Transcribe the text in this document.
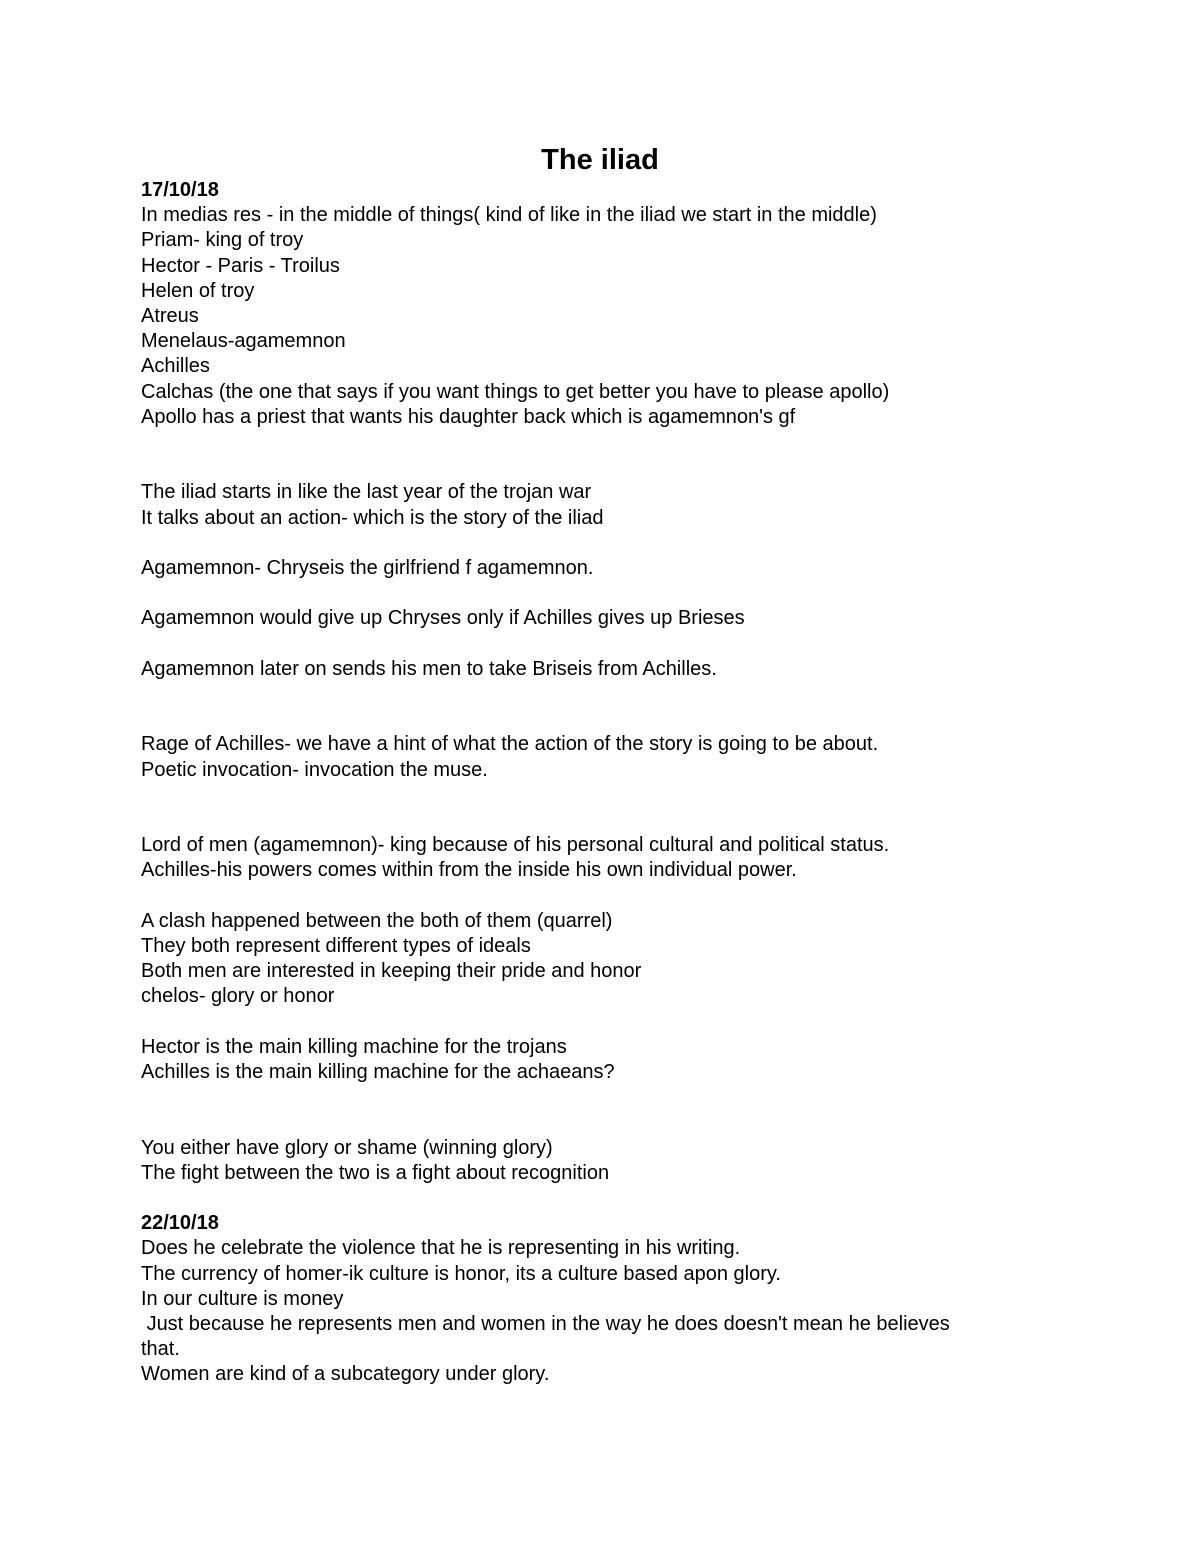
The iliad
17/10/18
In medias res - in the middle of things( kind of like in the iliad we start in the middle)
Priam- king of troy
Hector - Paris - Troilus
Helen of troy
Atreus
Menelaus-agamemnon
Achilles
Calchas (the one that says if you want things to get better you have to please apollo)
Apollo has a priest that wants his daughter back which is agamemnon's gf
The iliad starts in like the last year of the trojan war
It talks about an action- which is the story of the iliad
Agamemnon- Chryseis the girlfriend f agamemnon.
Agamemnon would give up Chryses only if Achilles gives up Brieses
Agamemnon later on sends his men to take Briseis from Achilles.
Rage of Achilles- we have a hint of what the action of the story is going to be about.
Poetic invocation- invocation the muse.
Lord of men (agamemnon)- king because of his personal cultural and political status.
Achilles-his powers comes within from the inside his own individual power.
A clash happened between the both of them (quarrel)
They both represent different types of ideals
Both men are interested in keeping their pride and honor
chelos- glory or honor
Hector is the main killing machine for the trojans
Achilles is the main killing machine for the achaeans?
You either have glory or shame (winning glory)
The fight between the two is a fight about recognition
22/10/18
Does he celebrate the violence that he is representing in his writing.
The currency of homer-ik culture is honor, its a culture based apon glory.
In our culture is money
Just because he represents men and women in the way he does doesn't mean he believes
that.
Women are kind of a subcategory under glory.
